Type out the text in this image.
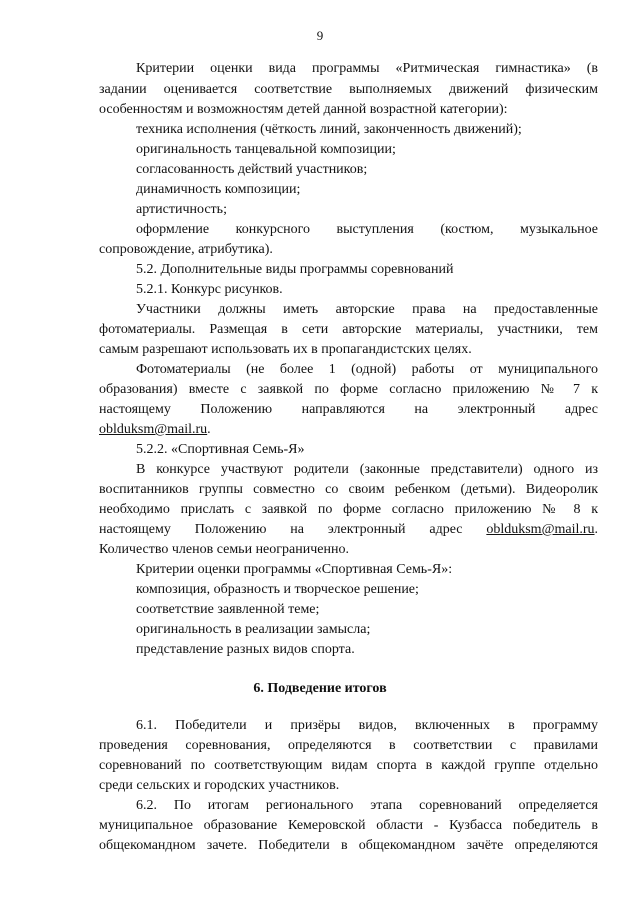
9
Критерии оценки вида программы «Ритмическая гимнастика» (в
задании оценивается соответствие выполняемых движений физическим
особенностям и возможностям детей данной возрастной категории):
техника исполнения (чёткость линий, законченность движений);
оригинальность танцевальной композиции;
согласованность действий участников;
динамичность композиции;
артистичность;
оформление конкурсного выступления (костюм, музыкальное
сопровождение, атрибутика).
5.2. Дополнительные виды программы соревнований
5.2.1. Конкурс рисунков.
Участники должны иметь авторские права на предоставленные
фотоматериалы. Размещая в сети авторские материалы, участники, тем
самым разрешают использовать их в пропагандистских целях.
Фотоматериалы (не более 1 (одной) работы от муниципального
образования) вместе с заявкой по форме согласно приложению № 7 к
настоящему Положению направляются на электронный адрес
oblduksm@mail.ru.
5.2.2. «Спортивная Семь-Я»
В конкурсе участвуют родители (законные представители) одного из
воспитанников группы совместно со своим ребенком (детьми). Видеоролик
необходимо прислать с заявкой по форме согласно приложению № 8 к
настоящему Положению на электронный адрес oblduksm@mail.ru.
Количество членов семьи неограниченно.
Критерии оценки программы «Спортивная Семь-Я»:
композиция, образность и творческое решение;
соответствие заявленной теме;
оригинальность в реализации замысла;
представление разных видов спорта.
6. Подведение итогов
6.1. Победители и призёры видов, включенных в программу
проведения соревнования, определяются в соответствии с правилами
соревнований по соответствующим видам спорта в каждой группе отдельно
среди сельских и городских участников.
6.2. По итогам регионального этапа соревнований определяется
муниципальное образование Кемеровской области - Кузбасса победитель в
общекомандном зачете. Победители в общекомандном зачёте определяются
